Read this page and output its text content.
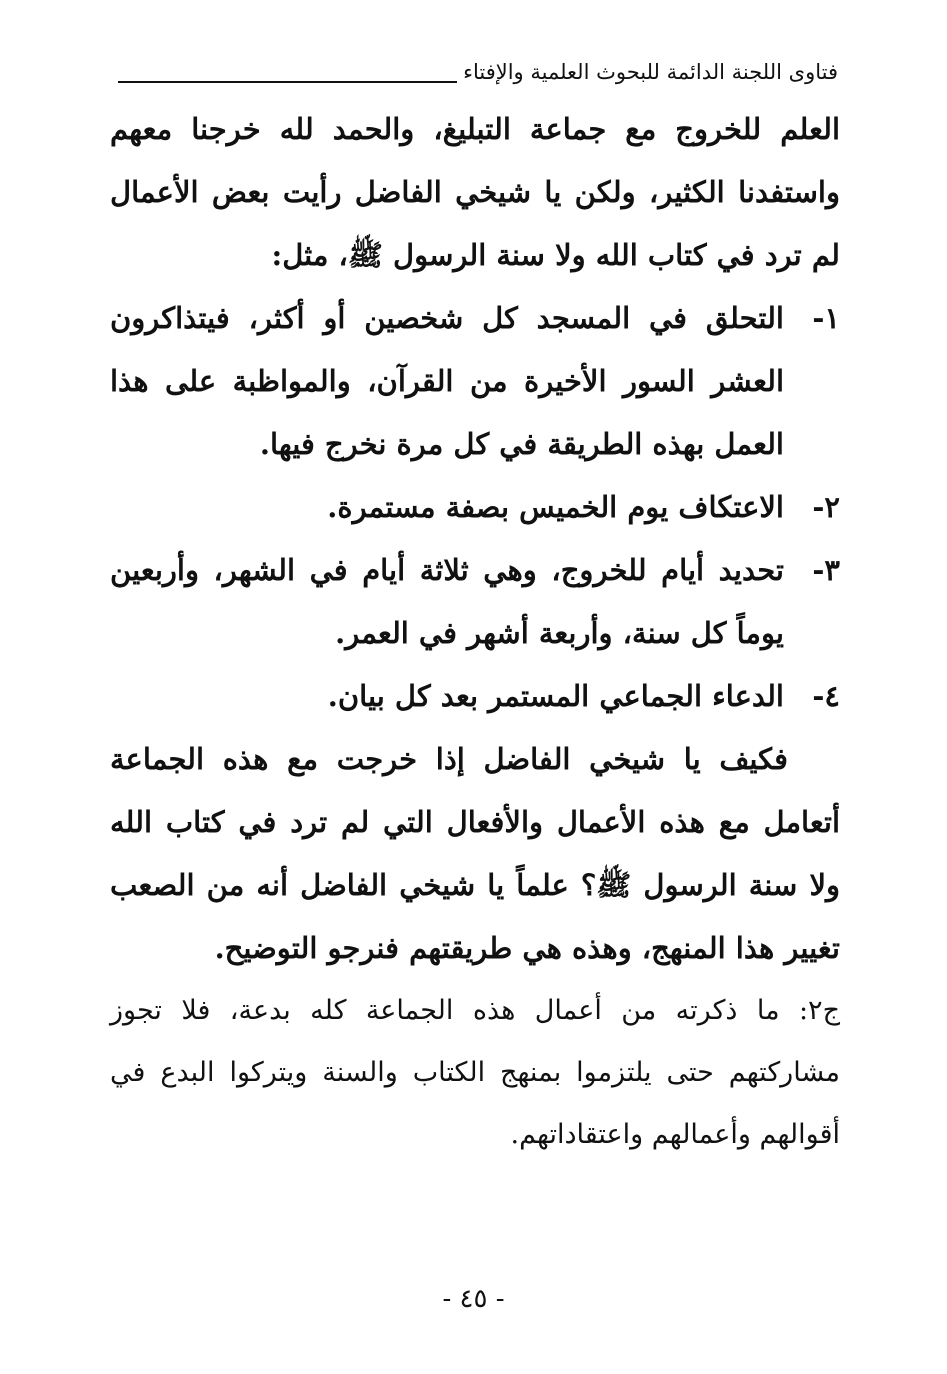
فتاوى اللجنة الدائمة للبحوث العلمية والإفتاء

العلم للخروج مع جماعة التبليغ، والحمد لله خرجنا معهم واستفدنا الكثير، ولكن يا شيخي الفاضل رأيت بعض الأعمال لم ترد في كتاب الله ولا سنة الرسول ﷺ، مثل:

١-
التحلق في المسجد كل شخصين أو أكثر، فيتذاكرون العشر السور الأخيرة من القرآن، والمواظبة على هذا العمل بهذه الطريقة في كل مرة نخرج فيها.
٢-
الاعتكاف يوم الخميس بصفة مستمرة.
٣-
تحديد أيام للخروج، وهي ثلاثة أيام في الشهر، وأربعين يوماً كل سنة، وأربعة أشهر في العمر.
٤-
الدعاء الجماعي المستمر بعد كل بيان.

فكيف يا شيخي الفاضل إذا خرجت مع هذه الجماعة أتعامل مع هذه الأعمال والأفعال التي لم ترد في كتاب الله ولا سنة الرسول ﷺ؟ علماً يا شيخي الفاضل أنه من الصعب تغيير هذا المنهج، وهذه هي طريقتهم فنرجو التوضيح.

ج٢: ما ذكرته من أعمال هذه الجماعة كله بدعة، فلا تجوز مشاركتهم حتى يلتزموا بمنهج الكتاب والسنة ويتركوا البدع في أقوالهم وأعمالهم واعتقاداتهم.

- ٤٥ -
